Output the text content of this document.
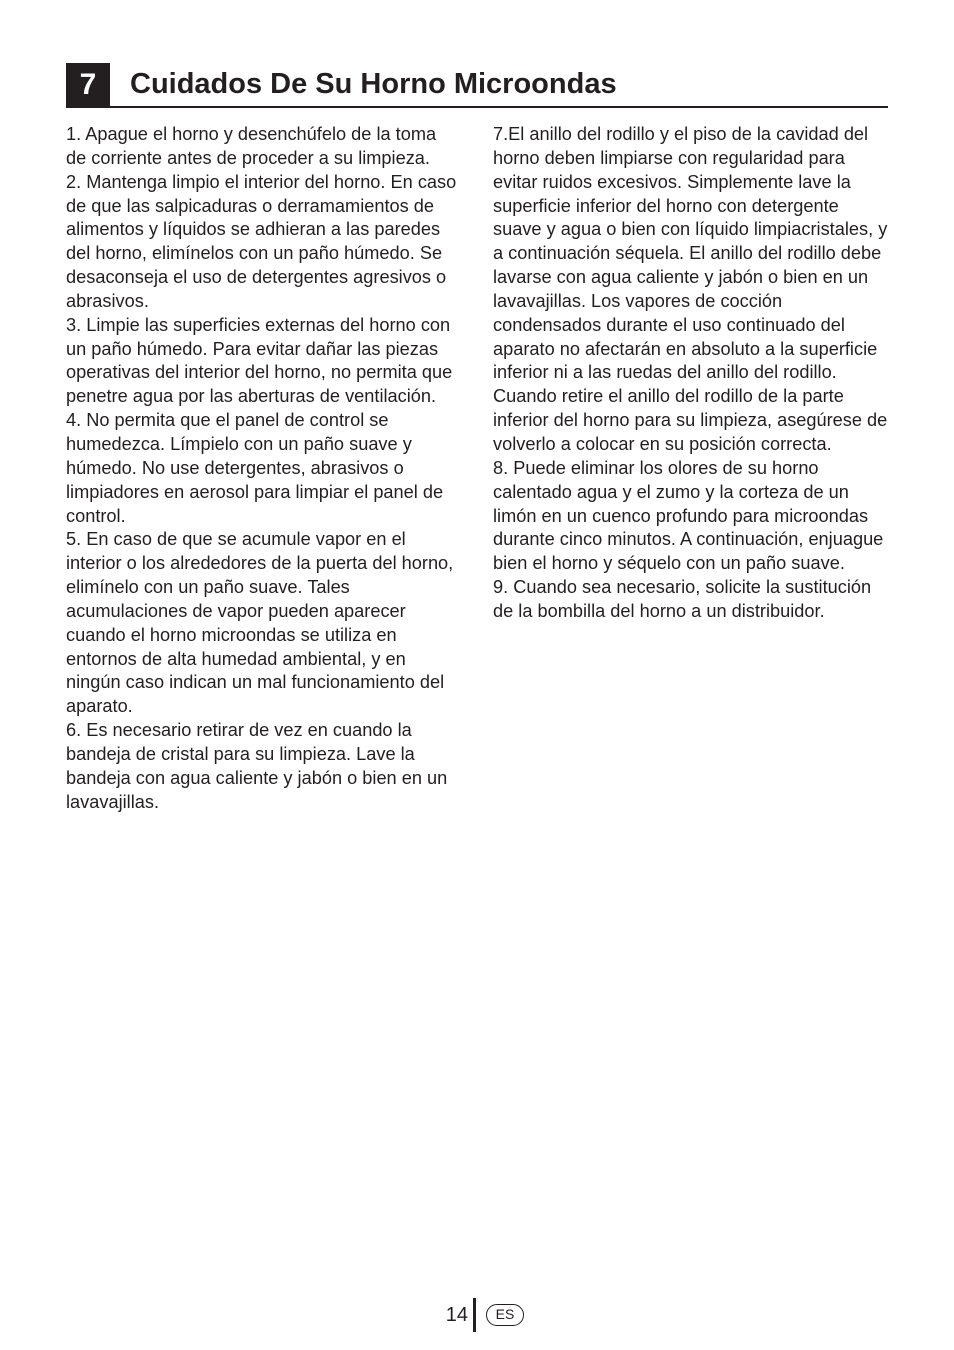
7	Cuidados De Su Horno Microondas

1. Apague el horno y desenchúfelo de la toma de corriente antes de proceder a su limpieza.

2. Mantenga limpio el interior del horno. En caso de que las salpicaduras o derramamientos de alimentos y líquidos se adhieran a las paredes del horno, elimínelos con un paño húmedo. Se desaconseja el uso de detergentes agresivos o abrasivos.

3. Limpie las superficies externas del horno con un paño húmedo. Para evitar dañar las piezas operativas del interior del horno, no permita que penetre agua por las aberturas de ventilación.

4. No permita que el panel de control se humedezca. Límpielo con un paño suave y húmedo. No use detergentes, abrasivos o limpiadores en aerosol para limpiar el panel de control.

5. En caso de que se acumule vapor en el interior o los alrededores de la puerta del horno, elimínelo con un paño suave. Tales acumulaciones de vapor pueden aparecer cuando el horno microondas se utiliza en entornos de alta humedad ambiental, y en ningún caso indican un mal funcionamiento del aparato.

6. Es necesario retirar de vez en cuando la bandeja de cristal para su limpieza. Lave la bandeja con agua caliente y jabón o bien en un lavavajillas.

7.El anillo del rodillo y el piso de la cavidad del horno deben limpiarse con regularidad para evitar ruidos excesivos. Simplemente lave la superficie inferior del horno con detergente suave y agua o bien con líquido limpiacristales, y a continuación séquela. El anillo del rodillo debe lavarse con agua caliente y jabón o bien en un lavavajillas. Los vapores de cocción condensados durante el uso continuado del aparato no afectarán en absoluto a la superficie inferior ni a las ruedas del anillo del rodillo.

Cuando retire el anillo del rodillo de la parte inferior del horno para su limpieza, asegúrese de volverlo a colocar en su posición correcta.

8. Puede eliminar los olores de su horno calentado agua y el zumo y la corteza de un limón en un cuenco profundo para microondas durante cinco minutos. A continuación, enjuague bien el horno y séquelo con un paño suave.

9. Cuando sea necesario, solicite la sustitución de la bombilla del horno a un distribuidor.

14	ES
